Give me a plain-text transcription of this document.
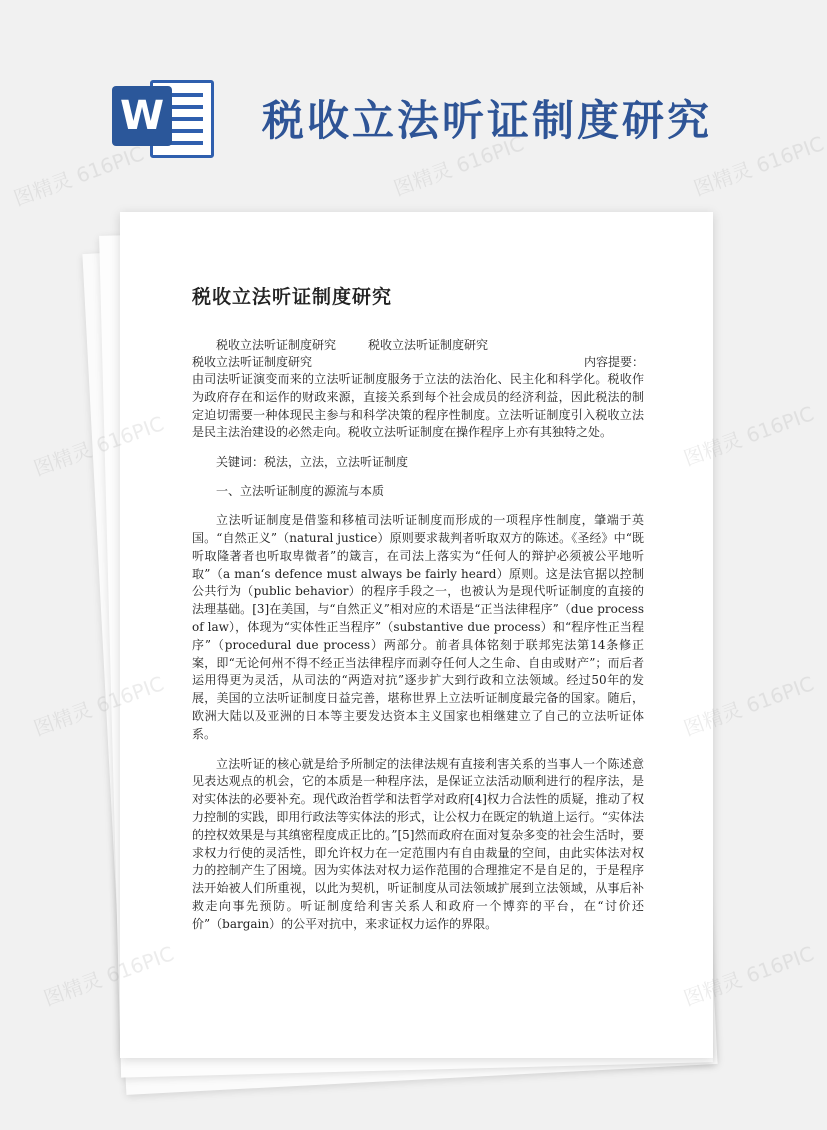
W 税收立法听证制度研究
税收立法听证制度研究
税收立法听证制度研究	税收立法听证制度研究
税收立法听证制度研究	内容提要：

由司法听证演变而来的立法听证制度服务于立法的法治化、民主化和科学化。税收作为政府存在和运作的财政来源，直接关系到每个社会成员的经济利益，因此税法的制定迫切需要一种体现民主参与和科学决策的程序性制度。立法听证制度引入税收立法是民主法治建设的必然走向。税收立法听证制度在操作程序上亦有其独特之处。

关键词：税法，立法，立法听证制度
一、立法听证制度的源流与本质

立法听证制度是借鉴和移植司法听证制度而形成的一项程序性制度，肇端于英国。“自然正义”（natural justice）原则要求裁判者听取双方的陈述。《圣经》中“既听取隆著者也听取卑微者”的箴言，在司法上落实为“任何人的辩护必须被公平地听取”（a man‘s defence must always be fairly heard）原则。这是法官据以控制公共行为（public behavior）的程序手段之一，也被认为是现代听证制度的直接的法理基础。[3]在美国，与“自然正义”相对应的术语是“正当法律程序”（due process of law），体现为“实体性正当程序”（substantive due process）和“程序性正当程序”（procedural due process）两部分。前者具体铭刻于联邦宪法第14条修正案，即“无论何州不得不经正当法律程序而剥夺任何人之生命、自由或财产”；而后者运用得更为灵活，从司法的“两造对抗”逐步扩大到行政和立法领域。经过50年的发展，美国的立法听证制度日益完善，堪称世界上立法听证制度最完备的国家。随后，欧洲大陆以及亚洲的日本等主要发达资本主义国家也相继建立了自己的立法听证体系。

立法听证的核心就是给予所制定的法律法规有直接利害关系的当事人一个陈述意见表达观点的机会，它的本质是一种程序法，是保证立法活动顺利进行的程序法，是对实体法的必要补充。现代政治哲学和法哲学对政府[4]权力合法性的质疑，推动了权力控制的实践，即用行政法等实体法的形式，让公权力在既定的轨道上运行。“实体法的控权效果是与其缜密程度成正比的。”[5]然而政府在面对复杂多变的社会生活时，要求权力行使的灵活性，即允许权力在一定范围内有自由裁量的空间，由此实体法对权力的控制产生了困境。因为实体法对权力运作范围的合理推定不是自足的，于是程序法开始被人们所重视，以此为契机，听证制度从司法领域扩展到立法领域，从事后补救走向事先预防。听证制度给利害关系人和政府一个博弈的平台，在“讨价还价”（bargain）的公平对抗中，来求证权力运作的界限。

图精灵 616PIC	图精灵 616PIC	图精灵 616PIC
图精灵	图精灵 616PIC
图精灵 616PIC	图精灵 616PIC
图精灵 616PIC	图精灵 616PIC
